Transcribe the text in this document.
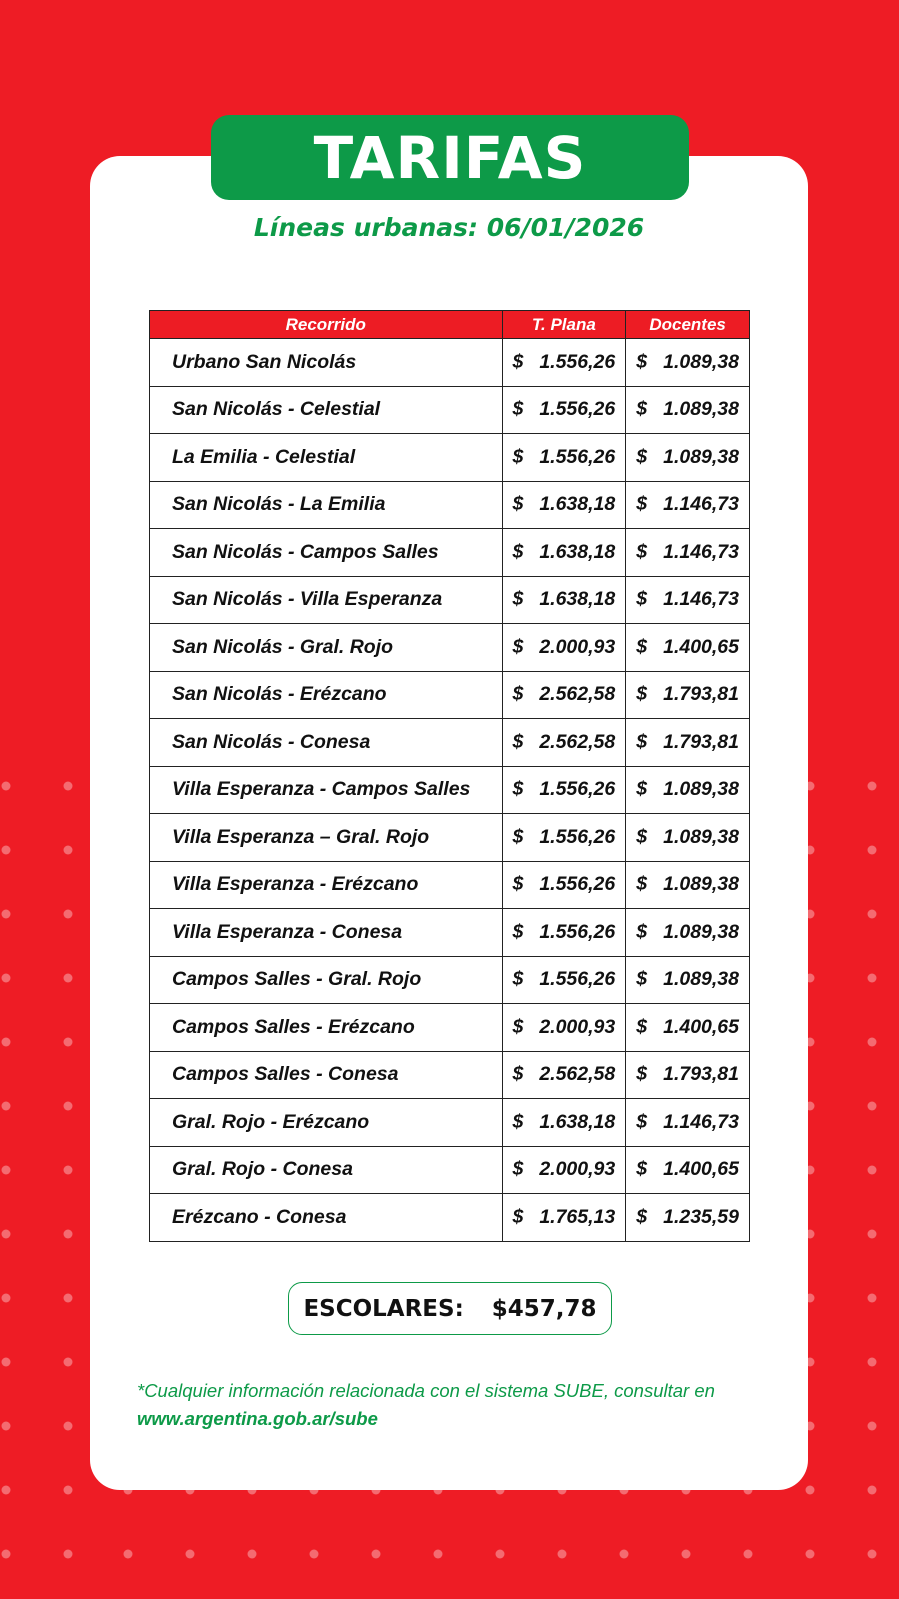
TARIFAS
Líneas urbanas: 06/01/2026
Recorrido	T. Plana	Docentes
Urbano San Nicolás	$ 1.556,26	$ 1.089,38

San Nicolás - Celestial	$ 1.556,26	$ 1.089,38

La Emilia - Celestial	$ 1.556,26	$ 1.089,38

San Nicolás - La Emilia	$ 1.638,18	$ 1.146,73

San Nicolás - Campos Salles	$ 1.638,18	$ 1.146,73

San Nicolás - Villa Esperanza	$ 1.638,18	$ 1.146,73

San Nicolás - Gral. Rojo	$ 2.000,93	$ 1.400,65

San Nicolás - Erézcano	$ 2.562,58	$ 1.793,81

San Nicolás - Conesa	$ 2.562,58	$ 1.793,81

Villa Esperanza - Campos Salles	$ 1.556,26	$ 1.089,38

Villa Esperanza – Gral. Rojo	$ 1.556,26	$ 1.089,38

Villa Esperanza - Erézcano	$ 1.556,26	$ 1.089,38

Villa Esperanza - Conesa	$ 1.556,26	$ 1.089,38

Campos Salles - Gral. Rojo	$ 1.556,26	$ 1.089,38

Campos Salles - Erézcano	$ 2.000,93	$ 1.400,65

Campos Salles - Conesa	$ 2.562,58	$ 1.793,81

Gral. Rojo - Erézcano	$ 1.638,18	$ 1.146,73

Gral. Rojo - Conesa	$ 2.000,93	$ 1.400,65

Erézcano - Conesa	$ 1.765,13	$ 1.235,59
ESCOLARES: $457,78
*Cualquier información relacionada con el sistema SUBE, consultar en
www.argentina.gob.ar/sube
